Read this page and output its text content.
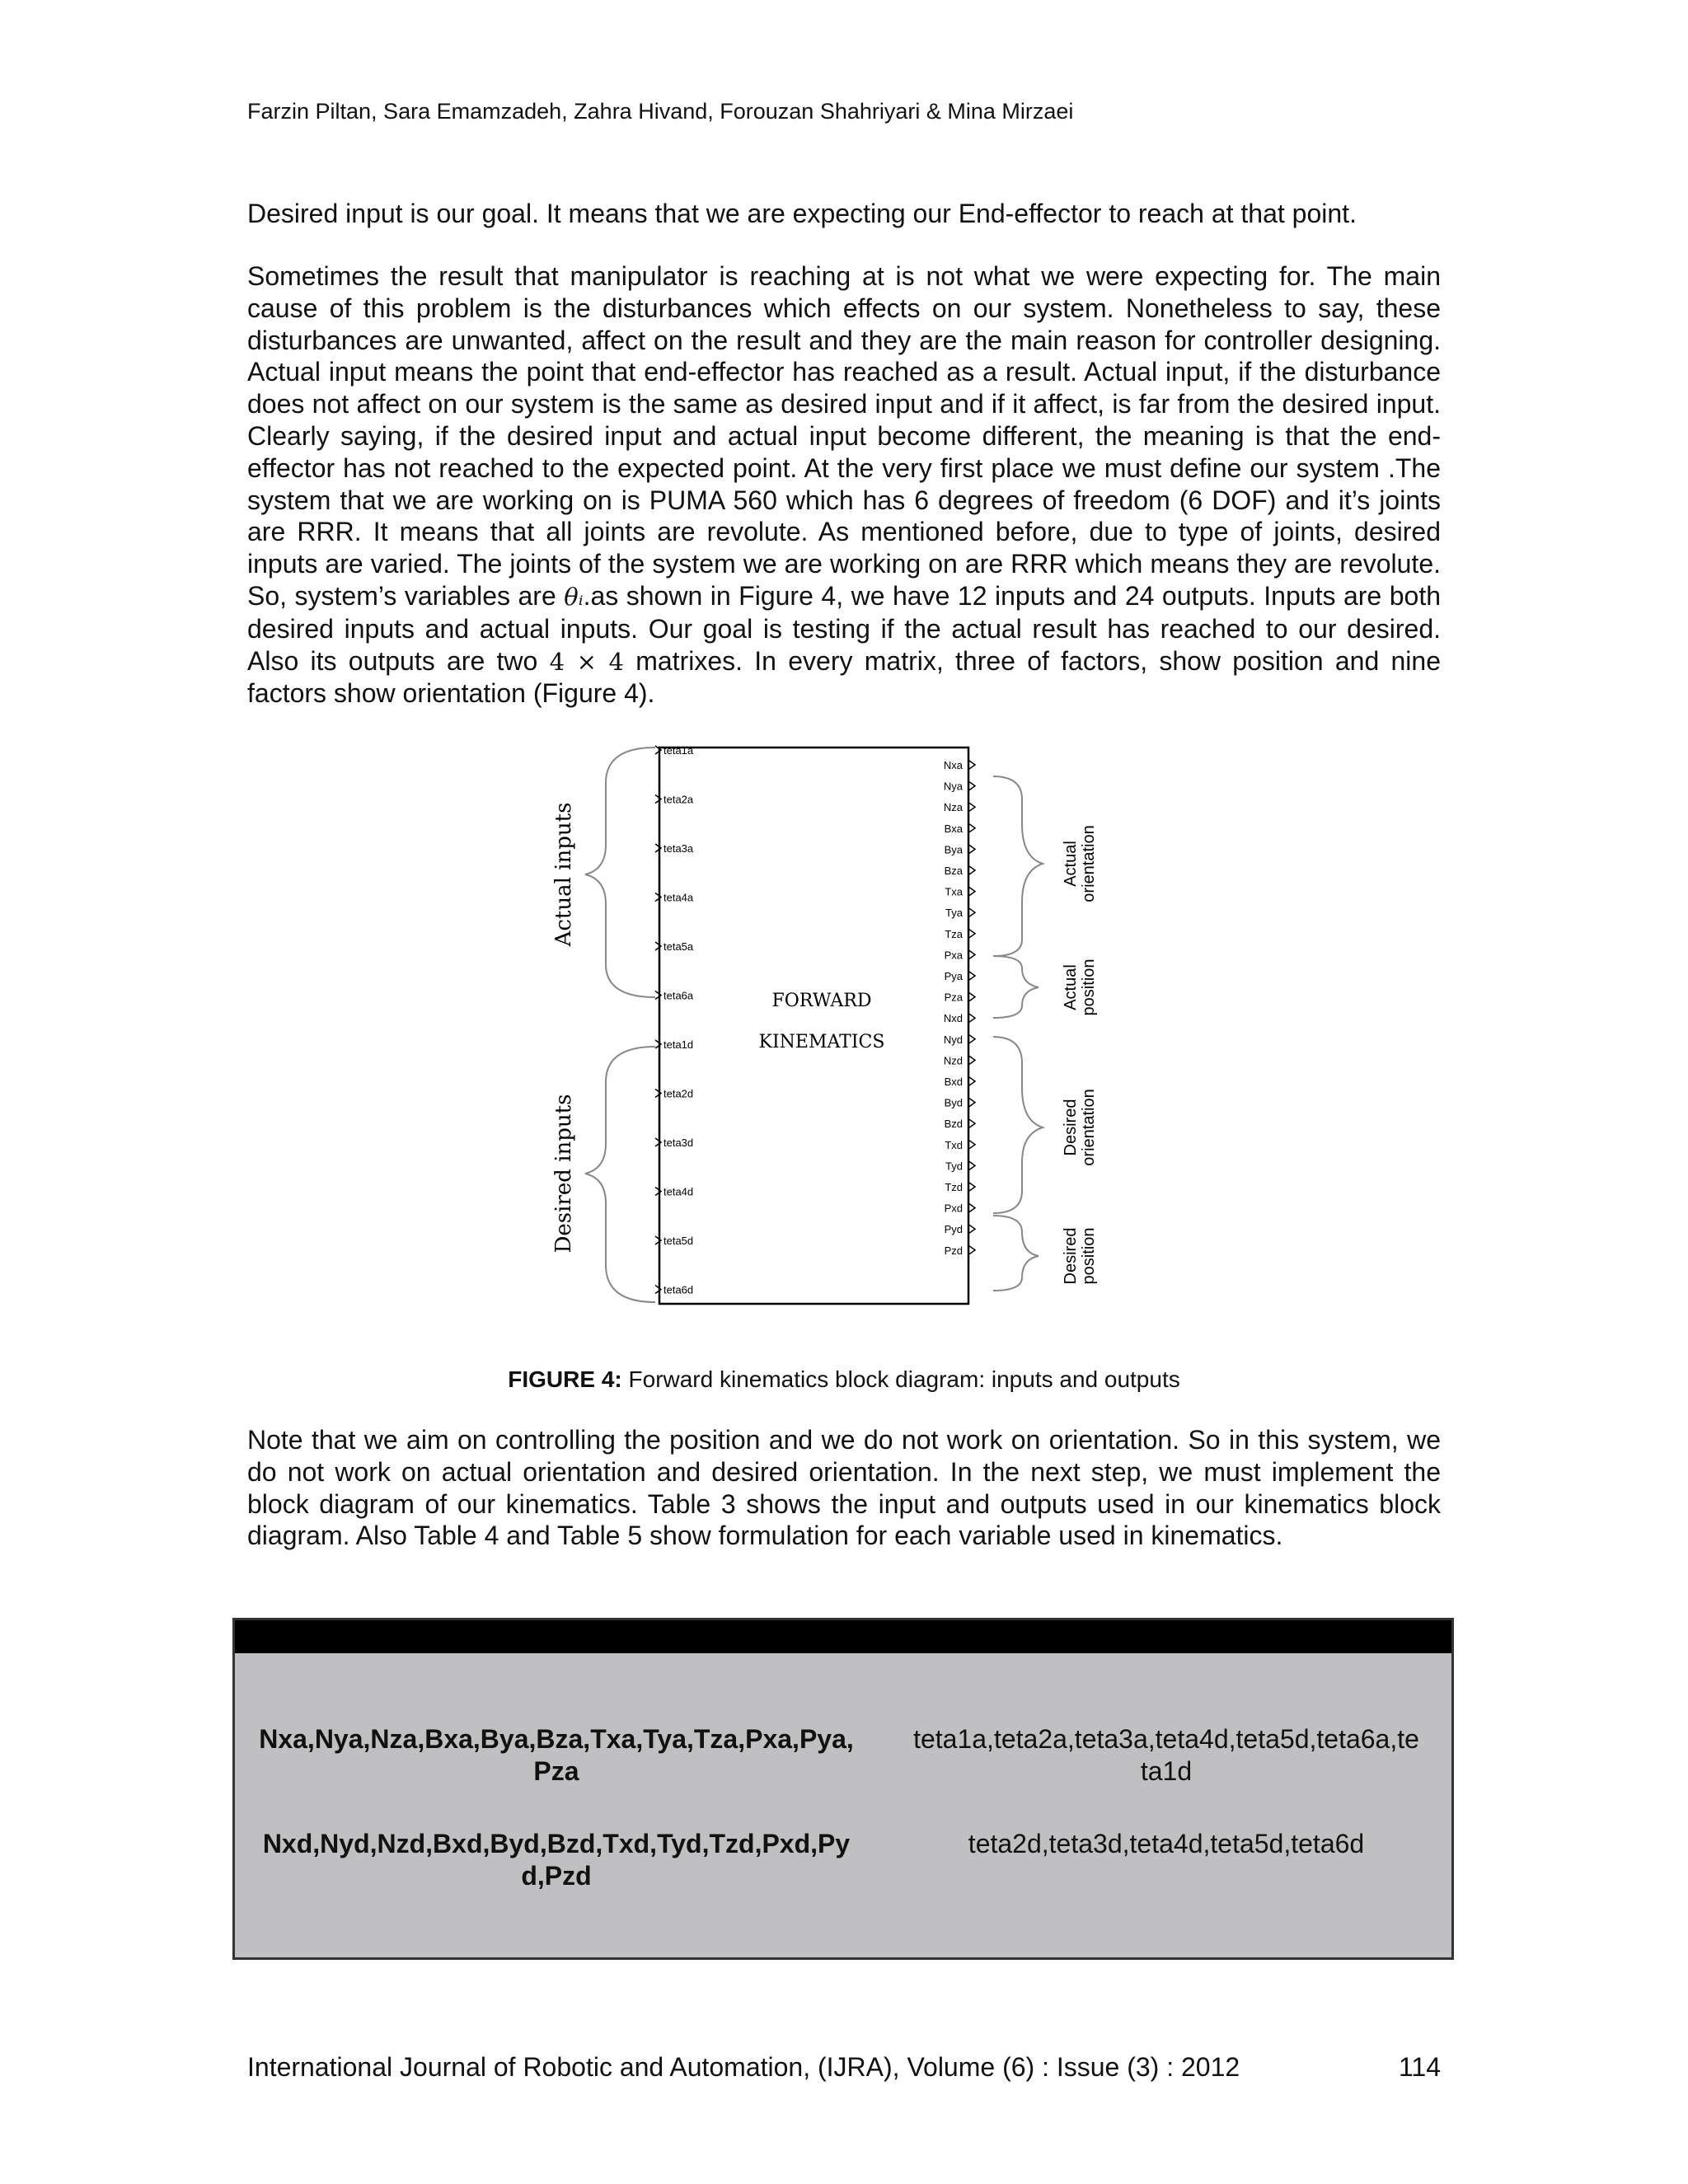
Farzin Piltan, Sara Emamzadeh, Zahra Hivand, Forouzan Shahriyari & Mina Mirzaei
Desired input is our goal. It means that we are expecting our End-effector to reach at that point.
Sometimes the result that manipulator is reaching at is not what we were expecting for. The main cause of this problem is the disturbances which effects on our system. Nonetheless to say, these disturbances are unwanted, affect on the result and they are the main reason for controller designing. Actual input means the point that end-effector has reached as a result. Actual input, if the disturbance does not affect on our system is the same as desired input and if it affect, is far from the desired input. Clearly saying, if the desired input and actual input become different, the meaning is that the end-effector has not reached to the expected point. At the very first place we must define our system .The system that we are working on is PUMA 560 which has 6 degrees of freedom (6 DOF) and it’s joints are RRR. It means that all joints are revolute. As mentioned before, due to type of joints, desired inputs are varied. The joints of the system we are working on are RRR which means they are revolute. So, system’s variables are θᵢ.as shown in Figure 4, we have 12 inputs and 24 outputs. Inputs are both desired inputs and actual inputs. Our goal is testing if the actual result has reached to our desired. Also its outputs are two 4 × 4 matrixes. In every matrix, three of factors, show position and nine factors show orientation (Figure 4).
FORWARD
KINEMATICS
teta1a
teta2a
teta3a
teta4a
teta5a
teta6a
teta1d
teta2d
teta3d
teta4d
teta5d
teta6d
Nxa
Nya
Nza
Bxa
Bya
Bza
Txa
Tya
Tza
Pxa
Pya
Pza
Nxd
Nyd
Nzd
Bxd
Byd
Bzd
Txd
Tyd
Tzd
Pxd
Pyd
Pzd
Actual inputs
Desired inputs
Actual orientation
Actual position
Desired orientation
Desired position
FIGURE 4: Forward kinematics block diagram: inputs and outputs
Note that we aim on controlling the position and we do not work on orientation. So in this system, we do not work on actual orientation and desired orientation. In the next step, we must implement the block diagram of our kinematics. Table 3 shows the input and outputs used in our kinematics block diagram. Also Table 4 and Table 5 show formulation for each variable used in kinematics.
Nxa,Nya,Nza,Bxa,Bya,Bza,Txa,Tya,Tza,Pxa,Pya,
Pza
teta1a,teta2a,teta3a,teta4d,teta5d,teta6a,te
ta1d
Nxd,Nyd,Nzd,Bxd,Byd,Bzd,Txd,Tyd,Tzd,Pxd,Py
d,Pzd
teta2d,teta3d,teta4d,teta5d,teta6d
International Journal of Robotic and Automation, (IJRA), Volume (6) : Issue (3) : 2012	114
